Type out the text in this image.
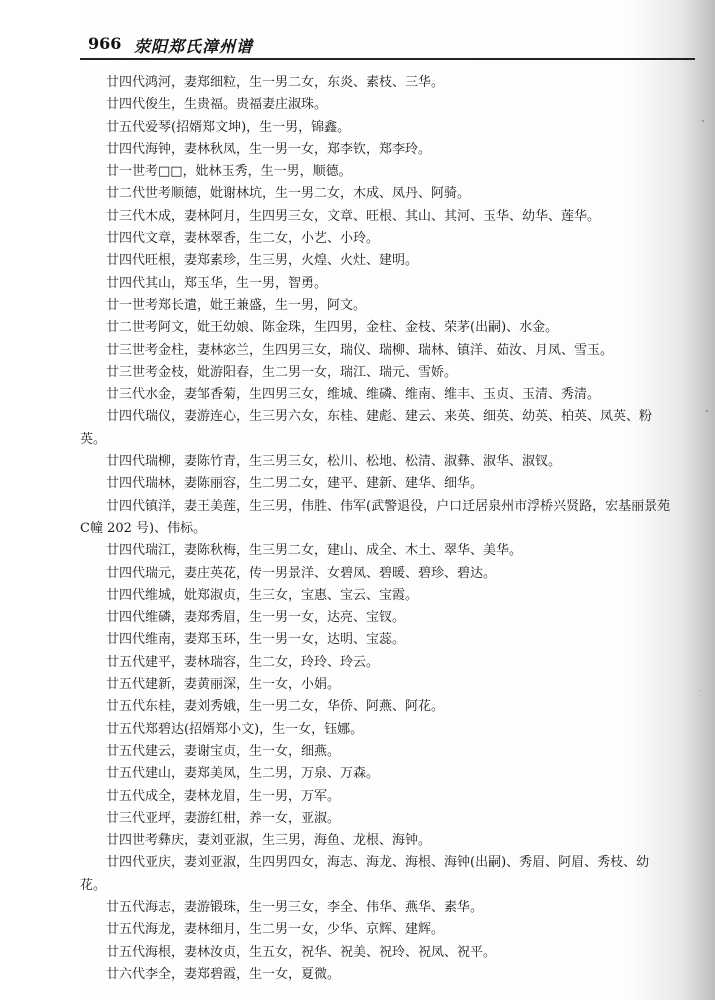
966 荥阳郑氏漳州谱
廿四代鸿河，妻郑细粒，生一男二女，东炎、素枝、三华。
廿四代俊生，生贵福。贵福妻庄淑珠。
廿五代爱琴(招婿郑文坤)，生一男，锦鑫。
廿四代海钟，妻林秋凤，生一男一女，郑李钦，郑李玲。
廿一世考□□，妣林玉秀，生一男，顺德。
廿二代世考顺德，妣谢林坑，生一男二女，木成、凤丹、阿骑。
廿三代木成，妻林阿月，生四男三女，文章、旺根、其山、其河、玉华、幼华、莲华。
廿四代文章，妻林翠香，生二女，小艺、小玲。
廿四代旺根，妻郑素珍，生三男，火煌、火灶、建明。
廿四代其山，郑玉华，生一男，智勇。
廿一世考郑长遣，妣王兼盛，生一男，阿文。
廿二世考阿文，妣王幼娘、陈金珠，生四男，金柱、金枝、荣茅(出嗣)、水金。
廿三世考金柱，妻林宓兰，生四男三女，瑞仪、瑞柳、瑞林、镇洋、茹汝、月凤、雪玉。
廿三世考金枝，妣游阳春，生二男一女，瑞江、瑞元、雪娇。
廿三代水金，妻邹香菊，生四男三女，维城、维磷、维南、维丰、玉贞、玉清、秀清。
廿四代瑞仪，妻游连心，生三男六女，东桂、建彪、建云、来英、细英、幼英、柏英、凤英、粉
英。
廿四代瑞柳，妻陈竹青，生三男三女，松川、松地、松清、淑彝、淑华、淑钗。
廿四代瑞林，妻陈丽容，生二男二女，建平、建新、建华、细华。
廿四代镇洋，妻王美莲，生三男，伟胜、伟军(武警退役，户口迁居泉州市浮桥兴贤路，宏基丽景苑
C幢 202 号)、伟标。
廿四代瑞江，妻陈秋梅，生三男二女，建山、成全、木土、翠华、美华。
廿四代瑞元，妻庄英花，传一男景洋、女碧凤、碧暖、碧珍、碧达。
廿四代维城，妣郑淑贞，生三女，宝惠、宝云、宝霞。
廿四代维磷，妻郑秀眉，生一男一女，达亮、宝钗。
廿四代维南，妻郑玉环，生一男一女，达明、宝蕊。
廿五代建平，妻林瑞容，生二女，玲玲、玲云。
廿五代建新，妻黄丽深，生一女，小娟。
廿五代东桂，妻刘秀娥，生一男二女，华侨、阿燕、阿花。
廿五代郑碧达(招婿郑小文)，生一女，钰娜。
廿五代建云，妻谢宝贞，生一女，细燕。
廿五代建山，妻郑美凤，生二男，万泉、万森。
廿五代成全，妻林龙眉，生一男，万军。
廿三代亚坪，妻游红柑，养一女，亚淑。
廿四世考彝庆，妻刘亚淑，生三男，海鱼、龙根、海钟。
廿四代亚庆，妻刘亚淑，生四男四女，海志、海龙、海根、海钟(出嗣)、秀眉、阿眉、秀枝、幼
花。
廿五代海志，妻游锻珠，生一男三女，李全、伟华、燕华、素华。
廿五代海龙，妻林细月，生二男一女，少华、京辉、建辉。
廿五代海根，妻林汝贞，生五女，祝华、祝美、祝玲、祝凤、祝平。
廿六代李全，妻郑碧霞，生一女，夏微。
